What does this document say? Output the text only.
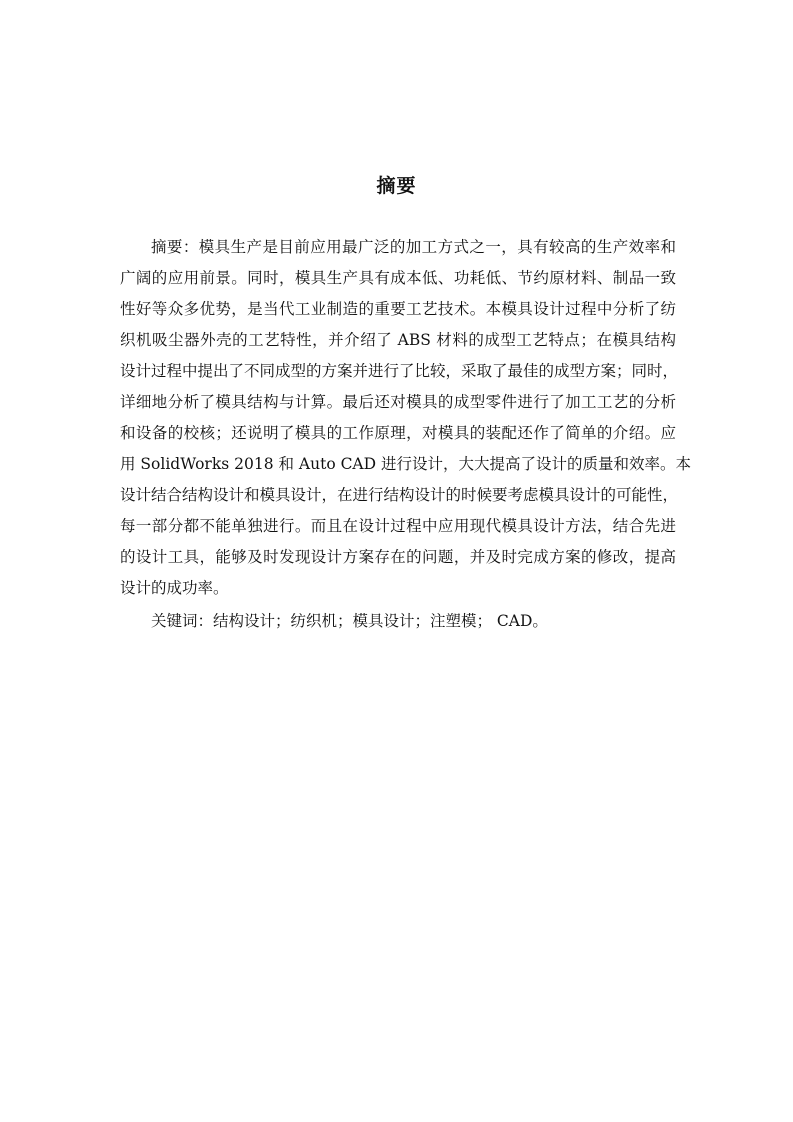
摘要
摘要：模具生产是目前应用最广泛的加工方式之一，具有较高的生产效率和
广阔的应用前景。同时，模具生产具有成本低、功耗低、节约原材料、制品一致
性好等众多优势，是当代工业制造的重要工艺技术。本模具设计过程中分析了纺
织机吸尘器外壳的工艺特性，并介绍了 ABS 材料的成型工艺特点；在模具结构
设计过程中提出了不同成型的方案并进行了比较，采取了最佳的成型方案；同时，
详细地分析了模具结构与计算。最后还对模具的成型零件进行了加工工艺的分析
和设备的校核；还说明了模具的工作原理，对模具的装配还作了简单的介绍。应
用 SolidWorks 2018 和 Auto CAD 进行设计，大大提高了设计的质量和效率。本
设计结合结构设计和模具设计，在进行结构设计的时候要考虑模具设计的可能性，
每一部分都不能单独进行。而且在设计过程中应用现代模具设计方法，结合先进
的设计工具，能够及时发现设计方案存在的问题，并及时完成方案的修改，提高
设计的成功率。
关键词：结构设计；纺织机；模具设计；注塑模； CAD。
